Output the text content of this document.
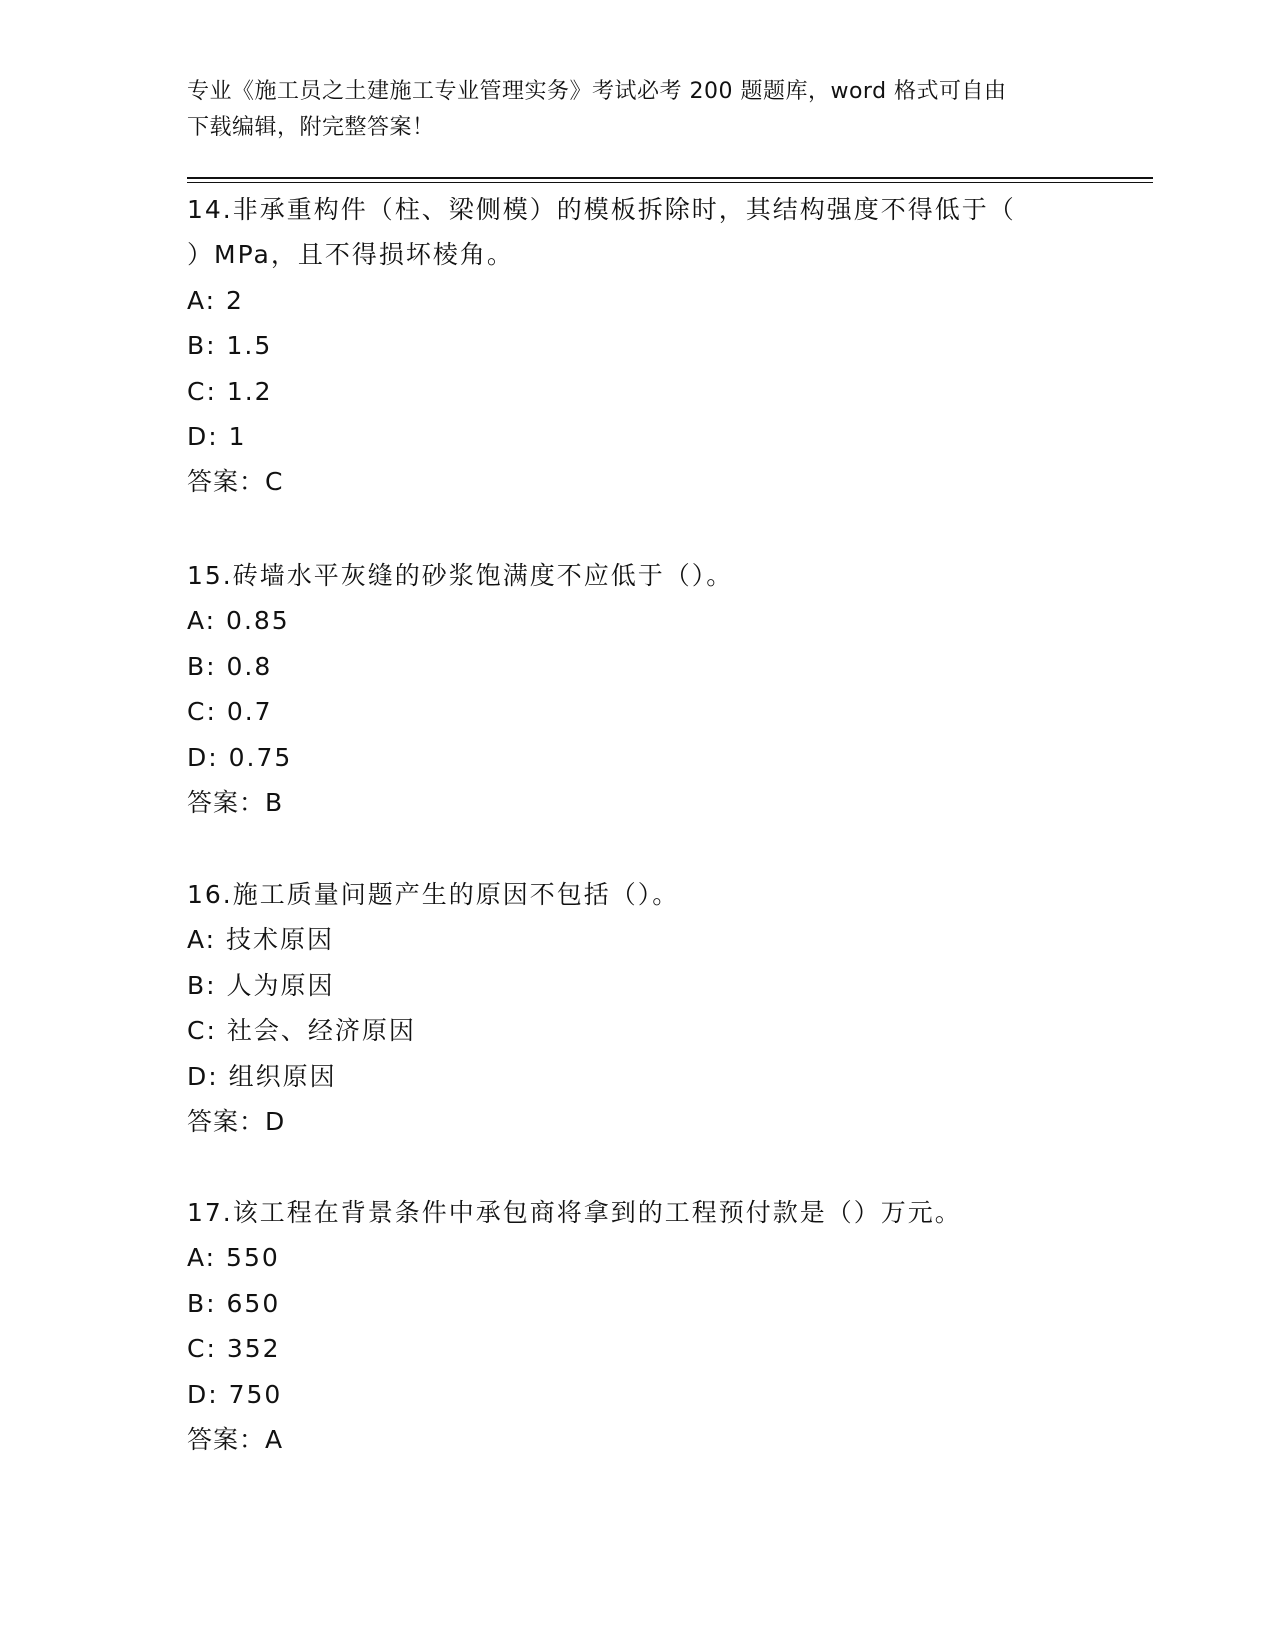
专业《施工员之土建施工专业管理实务》考试必考 200 题题库，word 格式可自由
下载编辑，附完整答案！
14.非承重构件（柱、梁侧模）的模板拆除时，其结构强度不得低于（
）MPa，且不得损坏棱角。
A: 2
B: 1.5
C: 1.2
D: 1
答案：C
15.砖墙水平灰缝的砂浆饱满度不应低于（）。
A: 0.85
B: 0.8
C: 0.7
D: 0.75
答案：B
16.施工质量问题产生的原因不包括（）。
A: 技术原因
B: 人为原因
C: 社会、经济原因
D: 组织原因
答案：D
17.该工程在背景条件中承包商将拿到的工程预付款是（）万元。
A: 550
B: 650
C: 352
D: 750
答案：A
